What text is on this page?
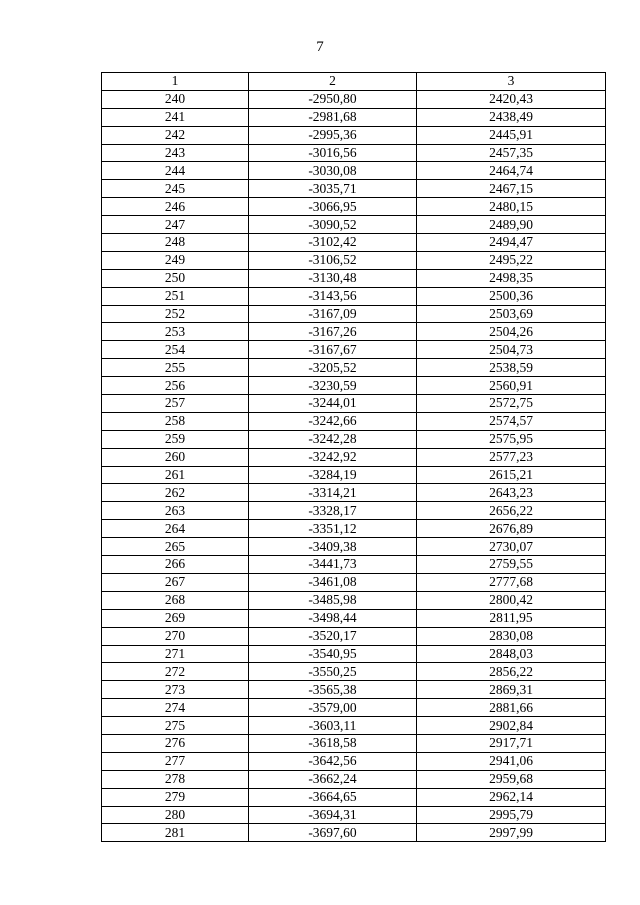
7
1	2	3
240	-2950,80	2420,43
241	-2981,68	2438,49
242	-2995,36	2445,91
243	-3016,56	2457,35
244	-3030,08	2464,74
245	-3035,71	2467,15
246	-3066,95	2480,15
247	-3090,52	2489,90
248	-3102,42	2494,47
249	-3106,52	2495,22
250	-3130,48	2498,35
251	-3143,56	2500,36
252	-3167,09	2503,69
253	-3167,26	2504,26
254	-3167,67	2504,73
255	-3205,52	2538,59
256	-3230,59	2560,91
257	-3244,01	2572,75
258	-3242,66	2574,57
259	-3242,28	2575,95
260	-3242,92	2577,23
261	-3284,19	2615,21
262	-3314,21	2643,23
263	-3328,17	2656,22
264	-3351,12	2676,89
265	-3409,38	2730,07
266	-3441,73	2759,55
267	-3461,08	2777,68
268	-3485,98	2800,42
269	-3498,44	2811,95
270	-3520,17	2830,08
271	-3540,95	2848,03
272	-3550,25	2856,22
273	-3565,38	2869,31
274	-3579,00	2881,66
275	-3603,11	2902,84
276	-3618,58	2917,71
277	-3642,56	2941,06
278	-3662,24	2959,68
279	-3664,65	2962,14
280	-3694,31	2995,79
281	-3697,60	2997,99
